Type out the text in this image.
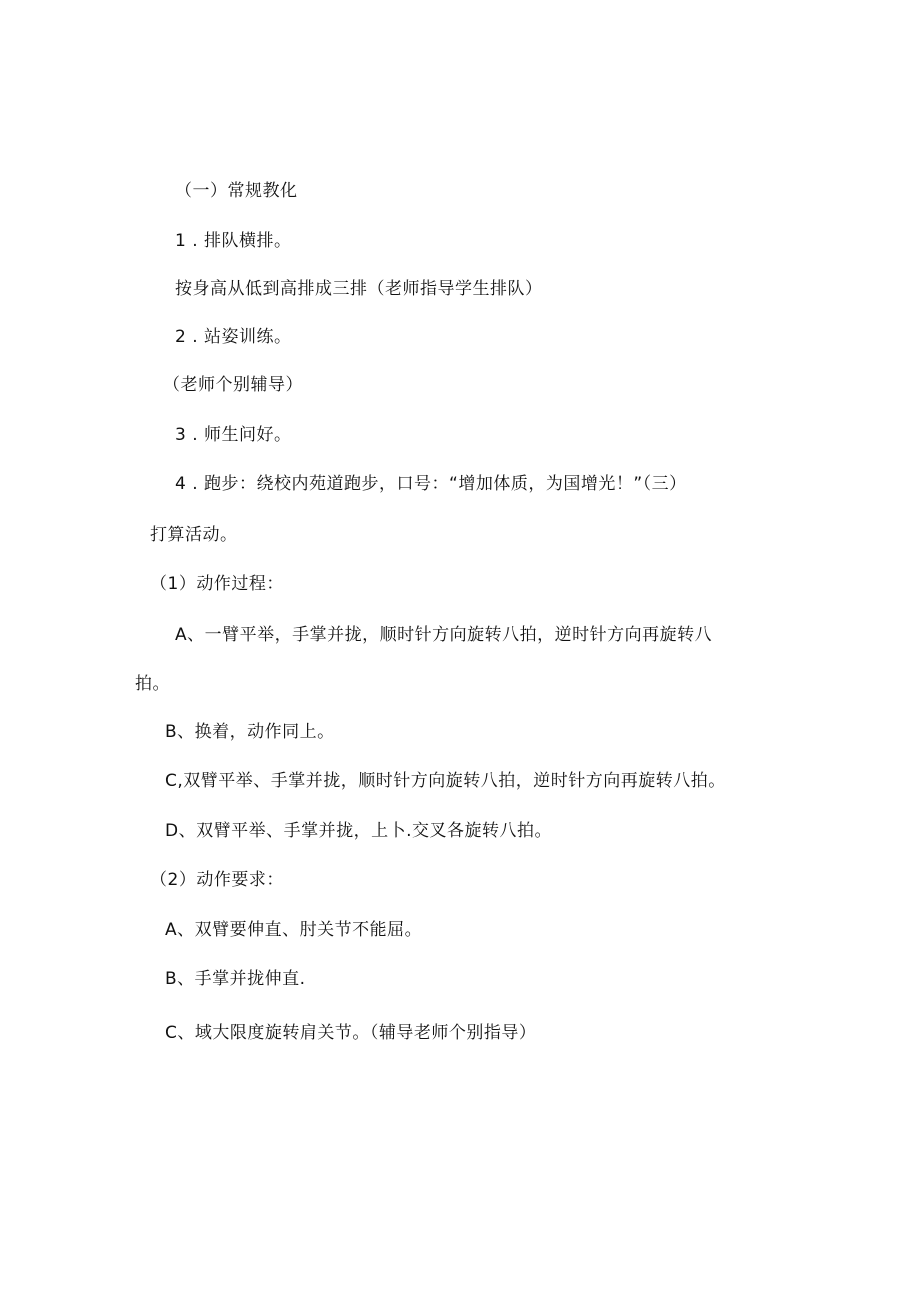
（一）常规教化
1 . 排队横排。
按身高从低到高排成三排（老师指导学生排队）
2 . 站姿训练。
（老师个别辅导）
3 . 师生问好。
4 . 跑步：绕校内苑道跑步，口号：“增加体质，为国增光！”（三）
打算活动。
（1）动作过程：
A、一臂平举，手掌并拢，顺时针方向旋转八拍，逆时针方向再旋转八
拍。
B、换着，动作同上。
C,双臂平举、手掌并拢，顺时针方向旋转八拍，逆时针方向再旋转八拍。
D、双臂平举、手掌并拢，上卜.交叉各旋转八拍。
（2）动作要求：
A、双臂要伸直、肘关节不能屈。
B、手掌并拢伸直.
C、域大限度旋转肩关节。（辅导老师个别指导）
